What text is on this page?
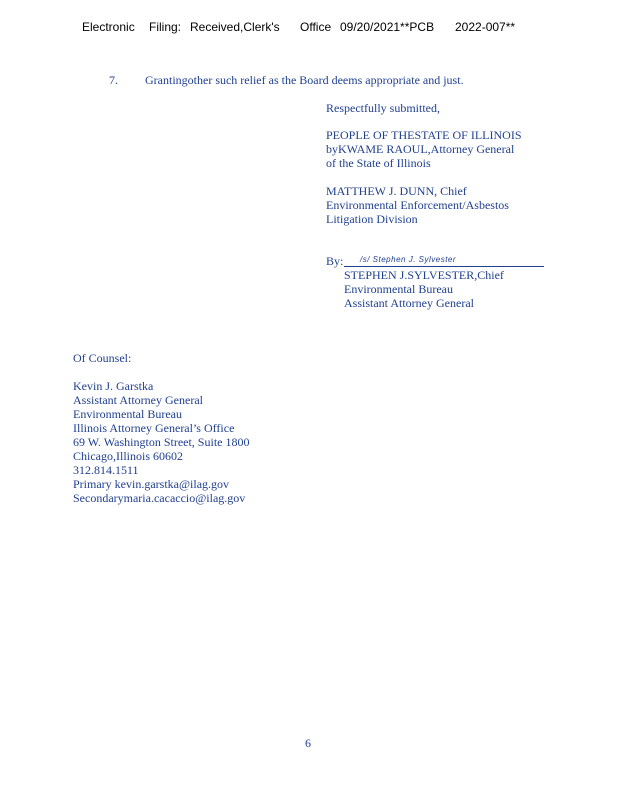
Electronic Filing: Received,Clerk's Office 09/20/2021**PCB 2022-007**
7. Grantingother such relief as the Board deems appropriate and just.
Respectfully submitted,
PEOPLE OF THESTATE OF ILLINOIS
byKWAME RAOUL,Attorney General
of the State of Illinois
MATTHEW J. DUNN, Chief
Environmental Enforcement/Asbestos
Litigation Division
By: /s/ Stephen J. Sylvester
STEPHEN J.SYLVESTER,Chief
Environmental Bureau
Assistant Attorney General
Of Counsel:
Kevin J. Garstka
Assistant Attorney General
Environmental Bureau
Illinois Attorney General’s Office
69 W. Washington Street, Suite 1800
Chicago,Illinois 60602
312.814.1511
Primary kevin.garstka@ilag.gov
Secondarymaria.cacaccio@ilag.gov
6
